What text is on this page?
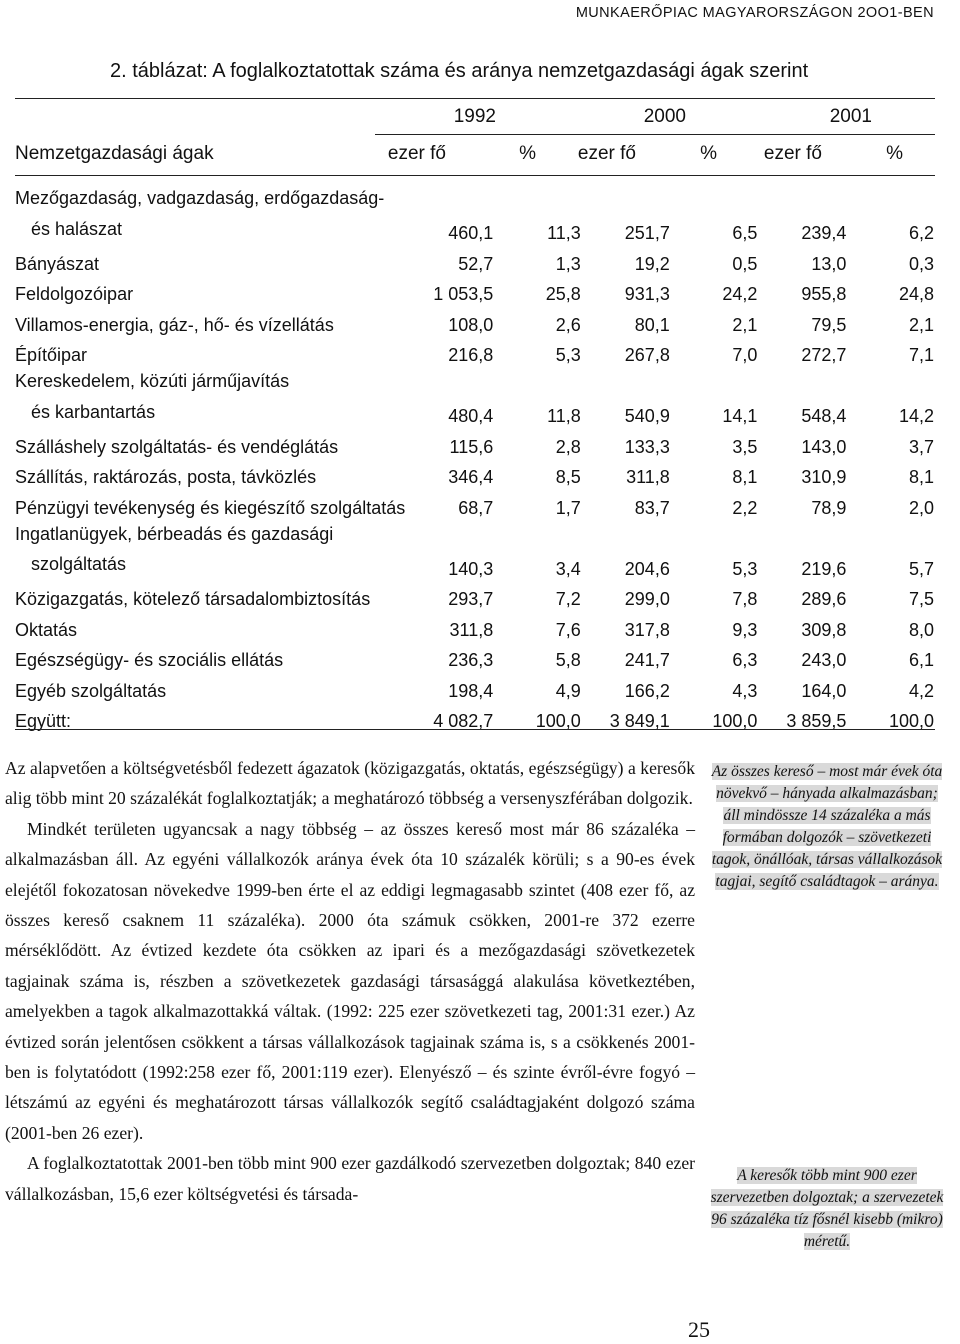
MUNKAERŐPIAC MAGYARORSZÁGON 2OO1-BEN
2. táblázat: A foglalkoztatottak száma és aránya nemzetgazdasági ágak szerint
1992	2000	2001
Nemzetgazdasági ágak	ezer fő	%	ezer fő	%	ezer fő	%
Mezőgazdaság, vadgazdaság, erdőgazdaság-
és halászat	460,1	11,3	251,7	6,5	239,4	6,2

Bányászat	52,7	1,3	19,2	0,5	13,0	0,3

Feldolgozóipar	1 053,5	25,8	931,3	24,2	955,8	24,8

Villamos-energia, gáz-, hő- és vízellátás	108,0	2,6	80,1	2,1	79,5	2,1

Építőipar	216,8	5,3	267,8	7,0	272,7	7,1

Kereskedelem, közúti járműjavítás
és karbantartás	480,4	11,8	540,9	14,1	548,4	14,2

Szálláshely szolgáltatás- és vendéglátás	115,6	2,8	133,3	3,5	143,0	3,7

Szállítás, raktározás, posta, távközlés	346,4	8,5	311,8	8,1	310,9	8,1

Pénzügyi tevékenység és kiegészítő szolgáltatás	68,7	1,7	83,7	2,2	78,9	2,0

Ingatlanügyek, bérbeadás és gazdasági
szolgáltatás	140,3	3,4	204,6	5,3	219,6	5,7

Közigazgatás, kötelező társadalombiztosítás	293,7	7,2	299,0	7,8	289,6	7,5

Oktatás	311,8	7,6	317,8	9,3	309,8	8,0

Egészségügy- és szociális ellátás	236,3	5,8	241,7	6,3	243,0	6,1

Egyéb szolgáltatás	198,4	4,9	166,2	4,3	164,0	4,2

Együtt:	4 082,7	100,0	3 849,1	100,0	3 859,5	100,0

Az alapvetően a költségvetésből fedezett ágazatok (közigazgatás, oktatás, egészségügy) a keresők alig több mint 20 százalékát foglalkoztatják; a meghatározó többség a versenyszférában dolgozik.

Mindkét területen ugyancsak a nagy többség – az összes kereső most már 86 százaléka – alkalmazásban áll. Az egyéni vállalkozók aránya évek óta 10 százalék körüli; s a 90-es évek elejétől fokozatosan növekedve 1999-ben érte el az eddigi legmagasabb szintet (408 ezer fő, az összes kereső csaknem 11 százaléka). 2000 óta számuk csökken, 2001-re 372 ezerre mérséklődött. Az évtized kezdete óta csökken az ipari és a mezőgazdasági szövetkezetek tagjainak száma is, részben a szövetkezetek gazdasági társasággá alakulása következtében, amelyekben a tagok alkalmazottakká váltak. (1992: 225 ezer szövetkezeti tag, 2001:31 ezer.) Az évtized során jelentősen csökkent a társas vállalkozások tagjainak száma is, s a csökkenés 2001-ben is folytatódott (1992:258 ezer fő, 2001:119 ezer). Elenyésző – és szinte évről-évre fogyó – létszámú az egyéni és meghatározott társas vállalkozók segítő családtagjaként dolgozó száma (2001-ben 26 ezer).

A foglalkoztatottak 2001-ben több mint 900 ezer gazdálkodó szervezetben dolgoztak; 840 ezer vállalkozásban, 15,6 ezer költségvetési és társada-

Az összes kereső – most már évek óta növekvő – hányada alkalmazásban; áll mindössze 14 százaléka a más formában dolgozók – szövetkezeti tagok, önállóak, társas vállalkozások tagjai, segítő családtagok – aránya.
A keresők több mint 900 ezer szervezetben dolgoztak; a szervezetek 96 százaléka tíz fősnél kisebb (mikro) méretű.
25
